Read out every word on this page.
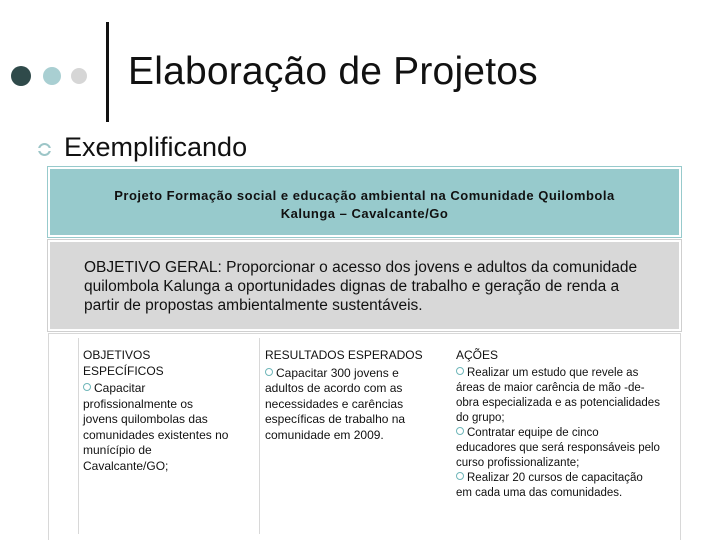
Elaboração de Projetos
Exemplificando
Projeto Formação social e educação ambiental na Comunidade Quilombola Kalunga – Cavalcante/Go
OBJETIVO GERAL: Proporcionar o acesso dos jovens e adultos da comunidade quilombola Kalunga a oportunidades dignas de trabalho e geração de renda a partir de propostas ambientalmente sustentáveis.
OBJETIVOS ESPECÍFICOS
Capacitar profissionalmente os jovens quilombolas das comunidades existentes no munícípio de Cavalcante/GO;
RESULTADOS ESPERADOS
Capacitar 300 jovens e adultos de acordo com as necessidades e carências específicas de trabalho na comunidade em 2009.
AÇÕES
Realizar um estudo que revele as áreas de maior carência de mão -de-obra especializada e as potencialidades do grupo;
Contratar equipe de cinco educadores que será responsáveis pelo curso profissionalizante;
Realizar 20 cursos de capacitação em cada uma das comunidades.
